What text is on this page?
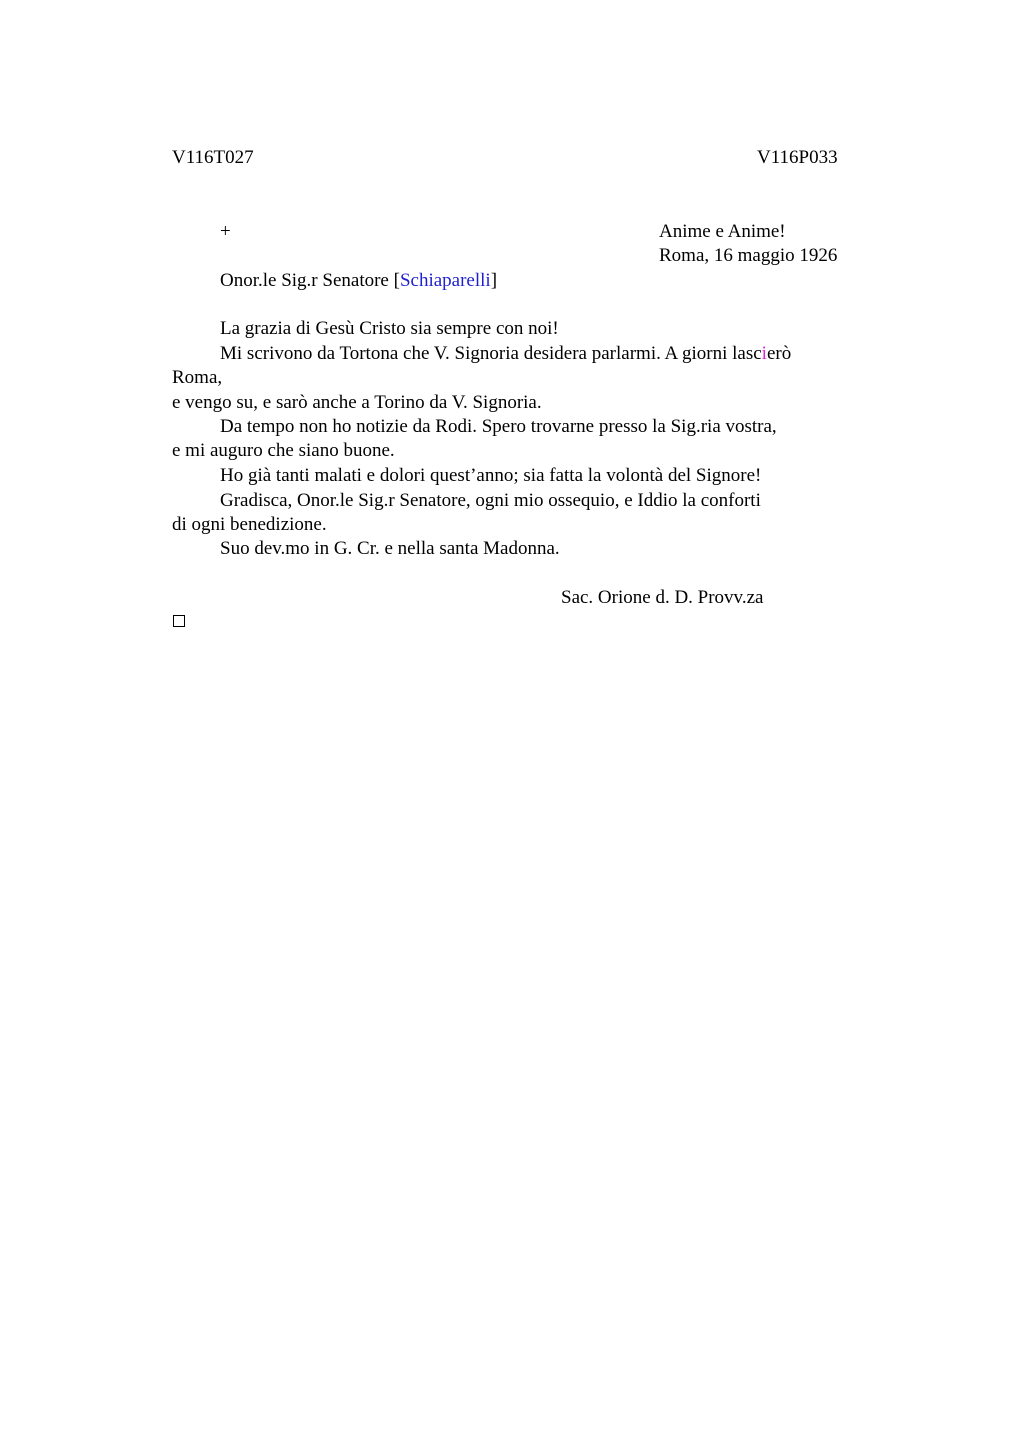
V116T027	V116P033
+	Anime e Anime!
Roma, 16 maggio 1926
Onor.le Sig.r Senatore [Schiaparelli]
La grazia di Gesù Cristo sia sempre con noi!
Mi scrivono da Tortona che V. Signoria desidera parlarmi. A giorni lascierò
Roma,
e vengo su, e sarò anche a Torino da V. Signoria.
Da tempo non ho notizie da Rodi. Spero trovarne presso la Sig.ria vostra,
e mi auguro che siano buone.
Ho già tanti malati e dolori quest’anno; sia fatta la volontà del Signore!
Gradisca, Onor.le Sig.r Senatore, ogni mio ossequio, e Iddio la conforti
di ogni benedizione.
Suo dev.mo in G. Cr. e nella santa Madonna.
Sac. Orione d. D. Provv.za
